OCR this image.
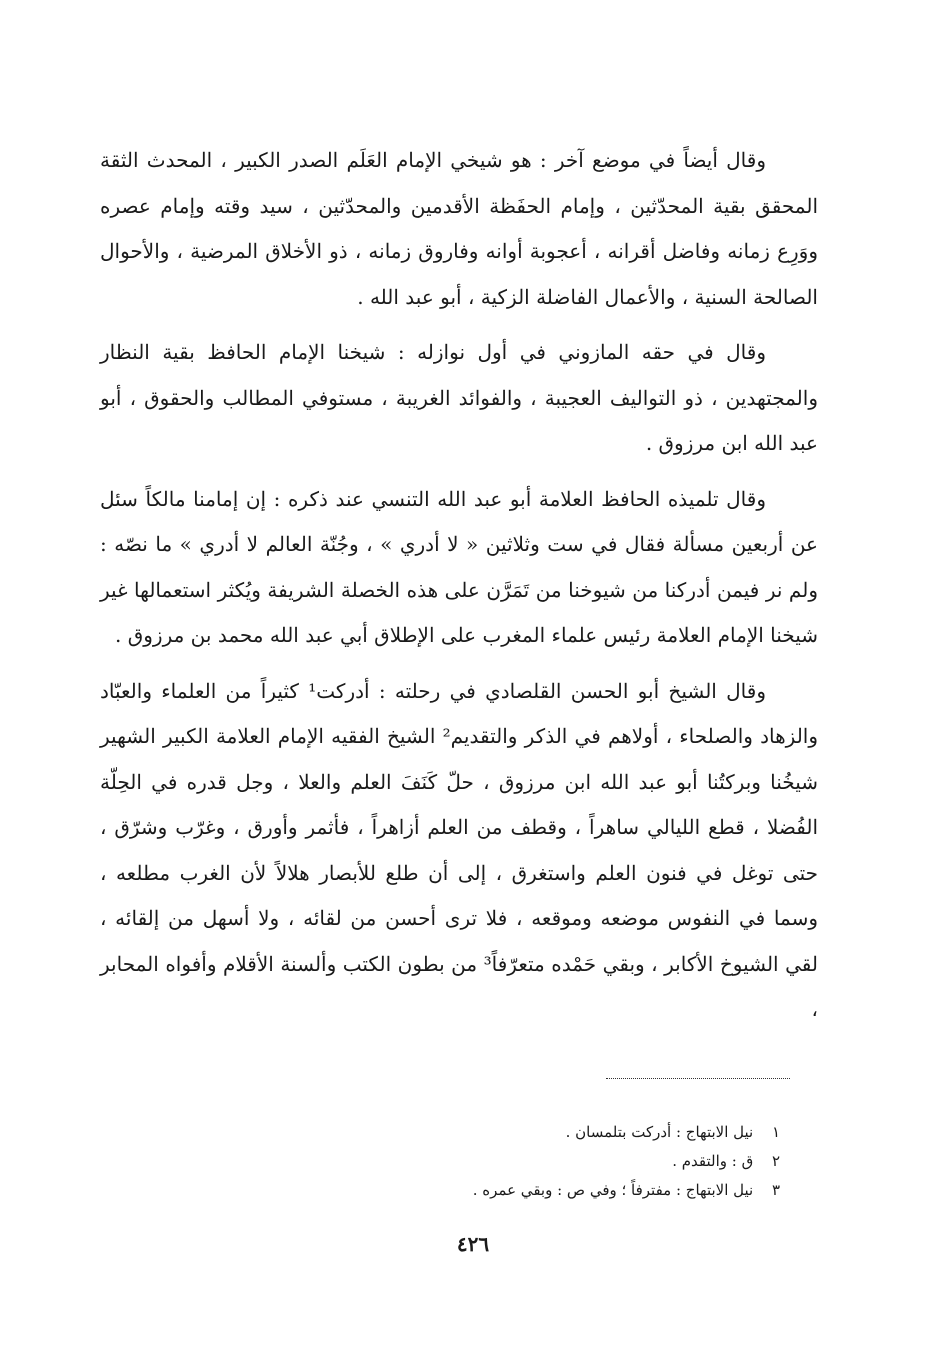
وقال أيضاً في موضع آخر : هو شيخي الإمام العَلَم الصدر الكبير ، المحدث الثقة المحقق بقية المحدّثين ، وإمام الحفَظة الأقدمين والمحدّثين ، سيد وقته وإمام عصره ووَرِع زمانه وفاضل أقرانه ، أعجوبة أوانه وفاروق زمانه ، ذو الأخلاق المرضية ، والأحوال الصالحة السنية ، والأعمال الفاضلة الزكية ، أبو عبد الله .

وقال في حقه المازوني في أول نوازله : شيخنا الإمام الحافظ بقية النظار والمجتهدين ، ذو التواليف العجيبة ، والفوائد الغريبة ، مستوفي المطالب والحقوق ، أبو عبد الله ابن مرزوق .

وقال تلميذه الحافظ العلامة أبو عبد الله التنسي عند ذكره : إن إمامنا مالكاً سئل عن أربعين مسألة فقال في ست وثلاثين « لا أدري » ، وجُنّة العالم لا أدري » ما نصّه : ولم نر فيمن أدركنا من شيوخنا من تَمَرَّن على هذه الخصلة الشريفة ويُكثر استعمالها غير شيخنا الإمام العلامة رئيس علماء المغرب على الإطلاق أبي عبد الله محمد بن مرزوق .

وقال الشيخ أبو الحسن القلصادي في رحلته : أدركت¹ كثيراً من العلماء والعبّاد والزهاد والصلحاء ، أولاهم في الذكر والتقديم² الشيخ الفقيه الإمام العلامة الكبير الشهير شيخُنا وبركتُنا أبو عبد الله ابن مرزوق ، حلّ كَنَفَ العلم والعلا ، وجل قدره في الحِلّة الفُضلا ، قطع الليالي ساهراً ، وقطف من العلم أزاهراً ، فأثمر وأورق ، وغرّب وشرّق ، حتى توغل في فنون العلم واستغرق ، إلى أن طلع للأبصار هلالاً لأن الغرب مطلعه ، وسما في النفوس موضعه وموقعه ، فلا ترى أحسن من لقائه ، ولا أسهل من إلقائه ، لقي الشيوخ الأكابر ، وبقي حَمْده متعرّفاً³ من بطون الكتب وألسنة الأقلام وأفواه المحابر ،

١ نيل الابتهاج : أدركت بتلمسان .

٢ ق : والتقدم .

٣ نيل الابتهاج : مفترفاً ؛ وفي ص : وبقي عمره .

٤٢٦
